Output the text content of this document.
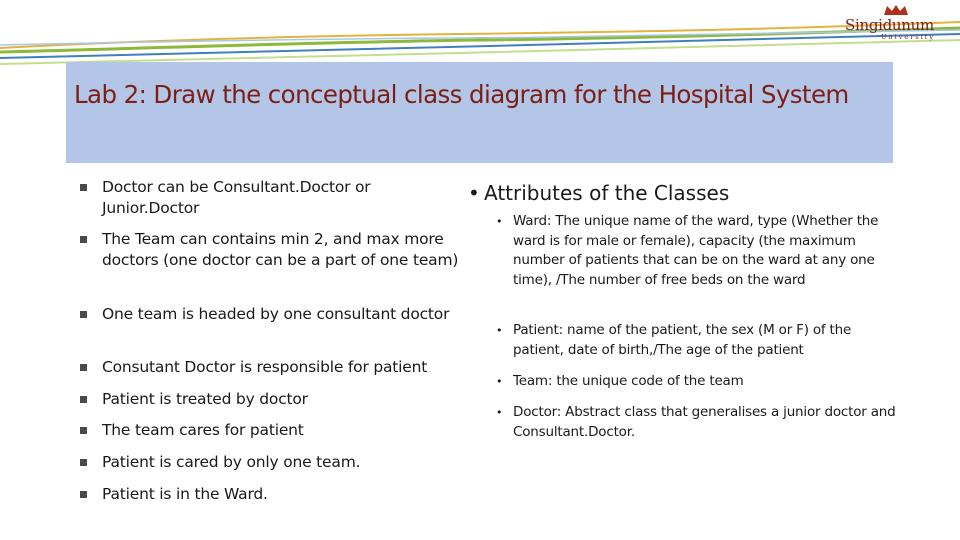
Singidunum
University
Lab 2: Draw the conceptual class diagram for the Hospital System
Doctor can be Consultant.Doctor or Junior.Doctor
The Team can contains min 2, and max more doctors (one doctor can be a part of one team)
One team is headed by one consultant doctor
Consutant Doctor is responsible for patient
Patient is treated by doctor
The team cares for patient
Patient is cared by only one team.
Patient is in the Ward.
• Attributes of the Classes
• Ward: The unique name of the ward, type (Whether the ward is for male or female), capacity (the maximum number of patients that can be on the ward at any one time), /The number of free beds on the ward
• Patient: name of the patient, the sex (M or F) of the patient, date of birth,/The age of the patient
• Team: the unique code of the team
• Doctor: Abstract class that generalises a junior doctor and Consultant.Doctor.
